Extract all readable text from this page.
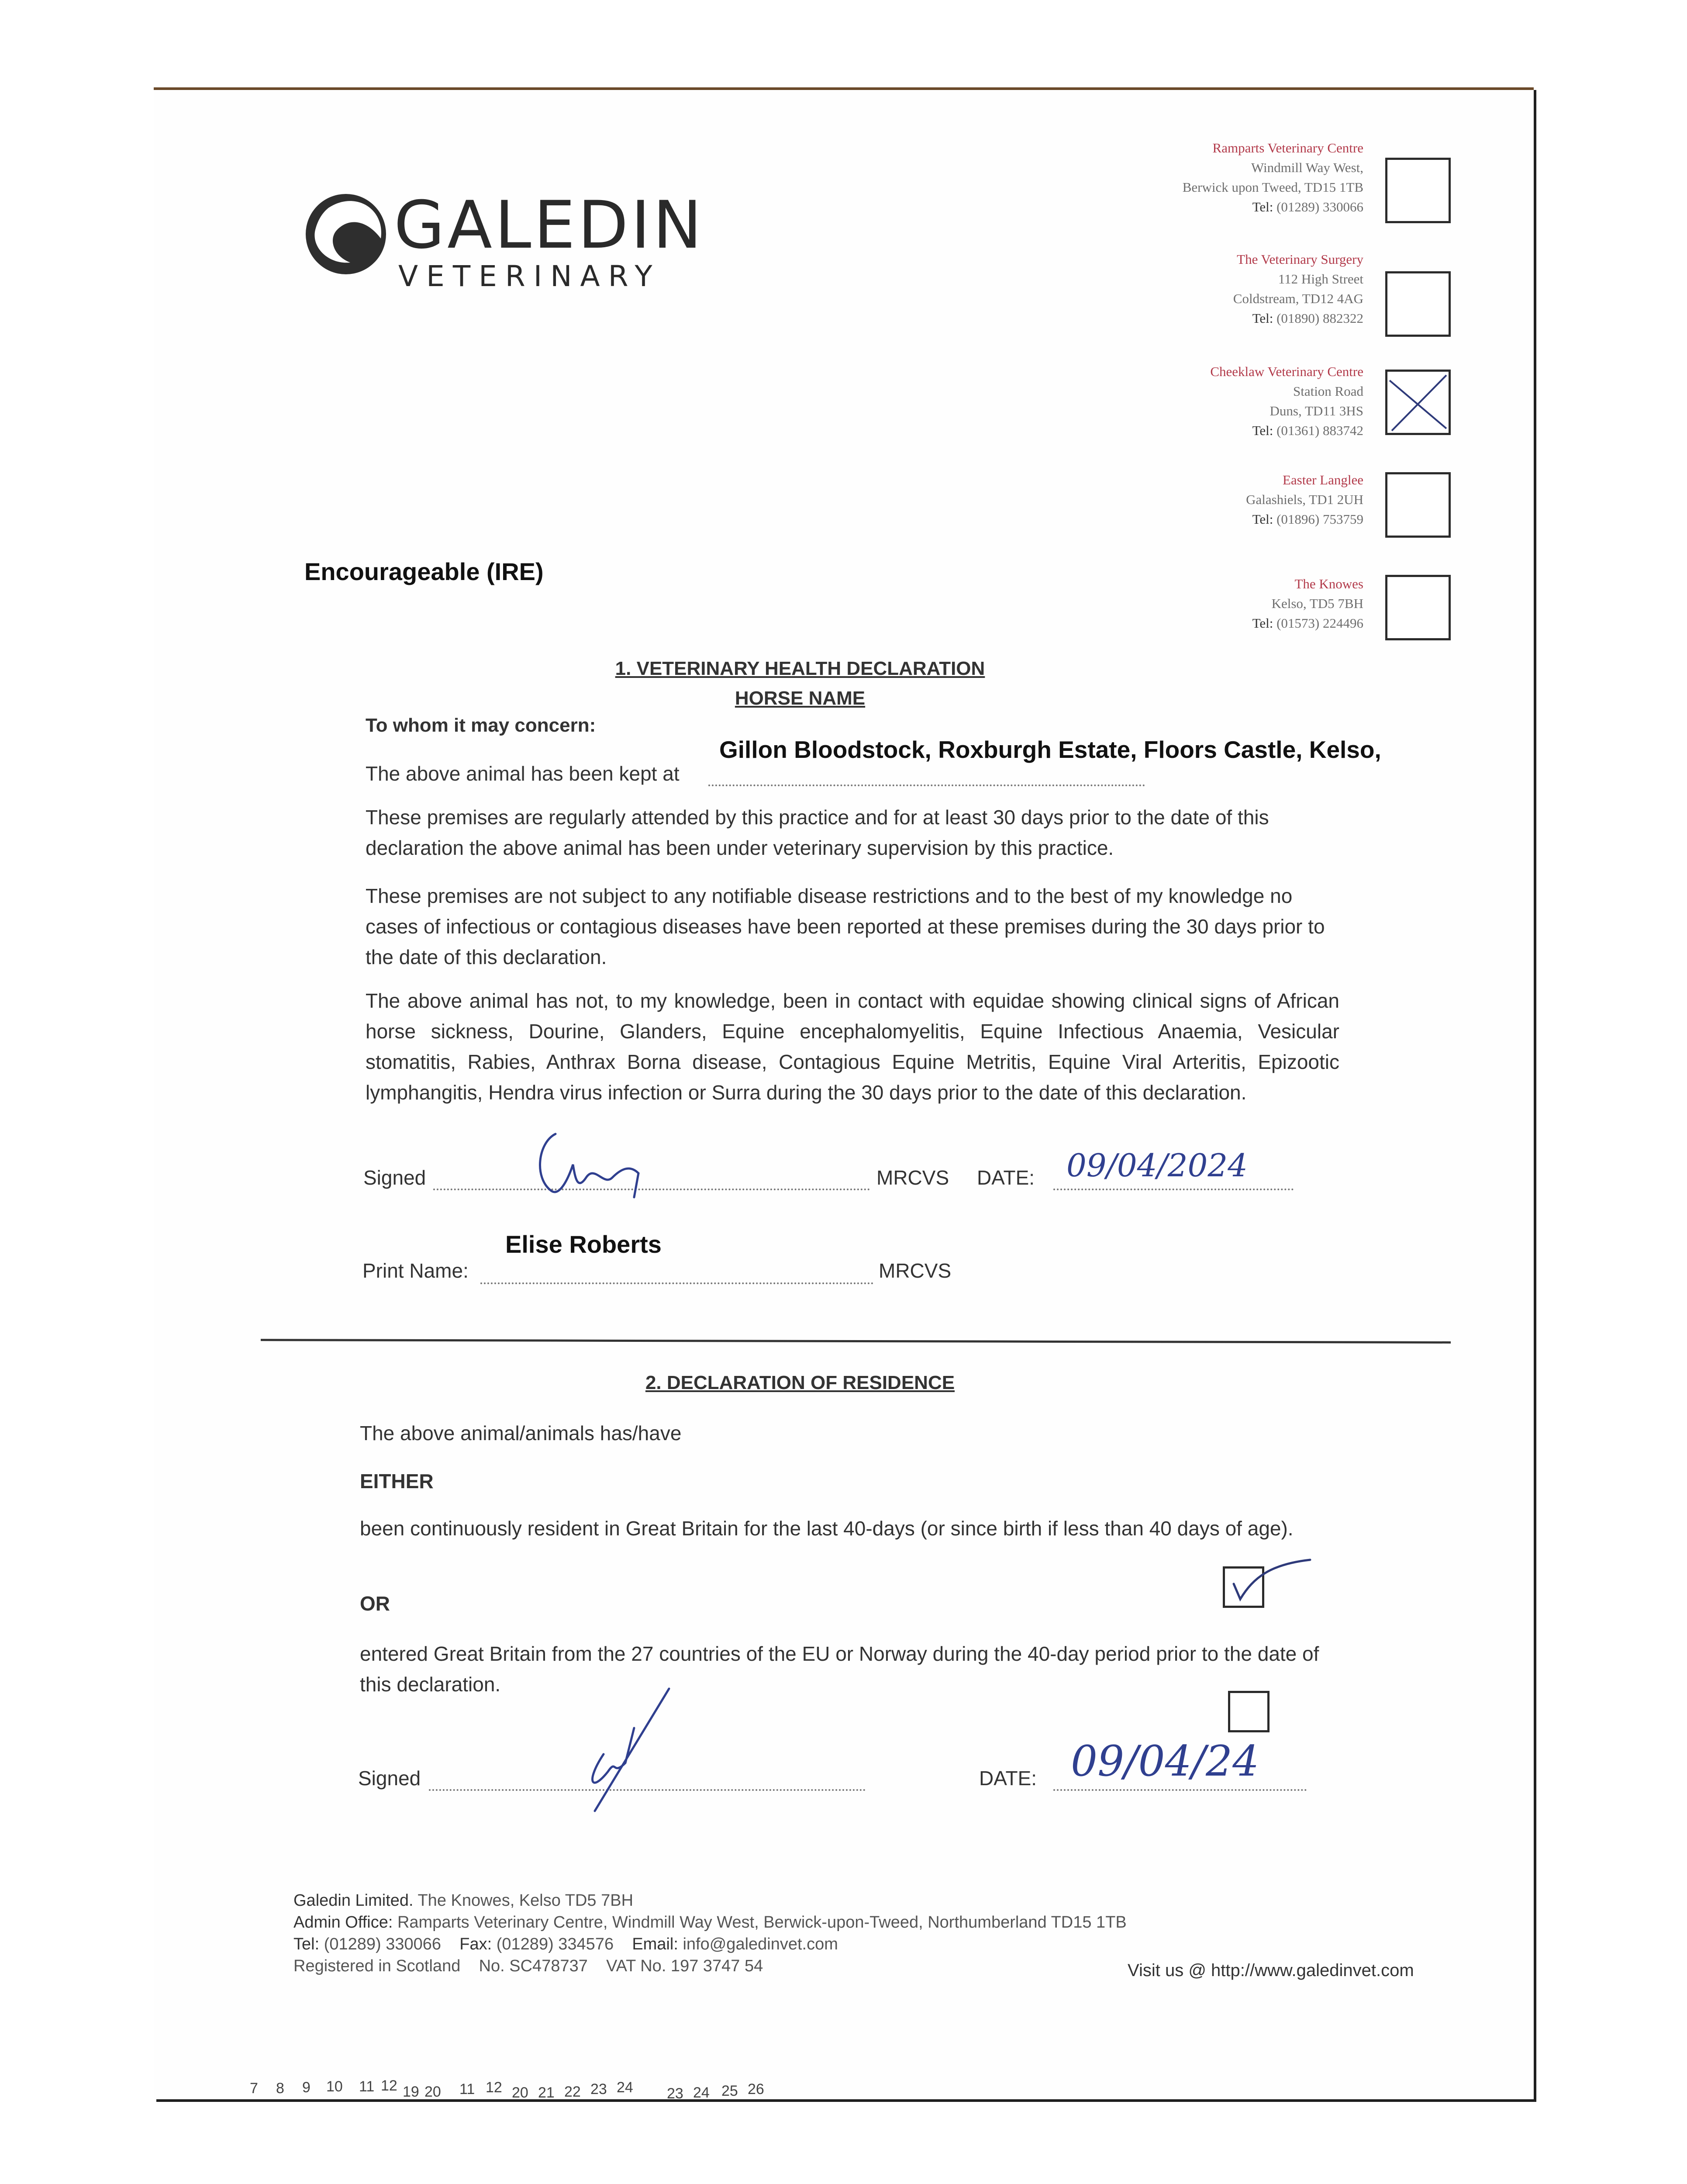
GALEDIN
VETERINARY
Ramparts Veterinary Centre
Windmill Way West,
Berwick upon Tweed, TD15 1TB
Tel: (01289) 330066
The Veterinary Surgery
112 High Street
Coldstream, TD12 4AG
Tel: (01890) 882322
Cheeklaw Veterinary Centre
Station Road
Duns, TD11 3HS
Tel: (01361) 883742
Easter Langlee
Galashiels, TD1 2UH
Tel: (01896) 753759
The Knowes
Kelso, TD5 7BH
Tel: (01573) 224496
Encourageable (IRE)
1. VETERINARY HEALTH DECLARATION
HORSE NAME
To whom it may concern:
Gillon Bloodstock, Roxburgh Estate, Floors Castle, Kelso,
The above animal has been kept at
These premises are regularly attended by this practice and for at least 30 days prior to the date of this declaration the above animal has been under veterinary supervision by this practice.
These premises are not subject to any notifiable disease restrictions and to the best of my knowledge no cases of infectious or contagious diseases have been reported at these premises during the 30 days prior to the date of this declaration.
The above animal has not, to my knowledge, been in contact with equidae showing clinical signs of African horse sickness, Dourine, Glanders, Equine encephalomyelitis, Equine Infectious Anaemia, Vesicular stomatitis, Rabies, Anthrax Borna disease, Contagious Equine Metritis, Equine Viral Arteritis, Epizootic lymphangitis, Hendra virus infection or Surra during the 30 days prior to the date of this declaration.
Signed	MRCVS DATE: 09/04/2024
Elise Roberts
Print Name:	MRCVS
2. DECLARATION OF RESIDENCE
The above animal/animals has/have
EITHER
been continuously resident in Great Britain for the last 40-days (or since birth if less than 40 days of age).
OR
entered Great Britain from the 27 countries of the EU or Norway during the 40-day period prior to the date of this declaration.
Signed	DATE: 09/04/24
Galedin Limited. The Knowes, Kelso TD5 7BH
Admin Office: Ramparts Veterinary Centre, Windmill Way West, Berwick-upon-Tweed, Northumberland TD15 1TB
Tel: (01289) 330066 Fax: (01289) 334576 Email: info@galedinvet.com
Registered in Scotland No. SC478737 VAT No. 197 3747 54	Visit us @ http://www.galedinvet.com
7 8 9 10 11 12 19 20 11 12 20 21 22 23 24 23 24 25 26
